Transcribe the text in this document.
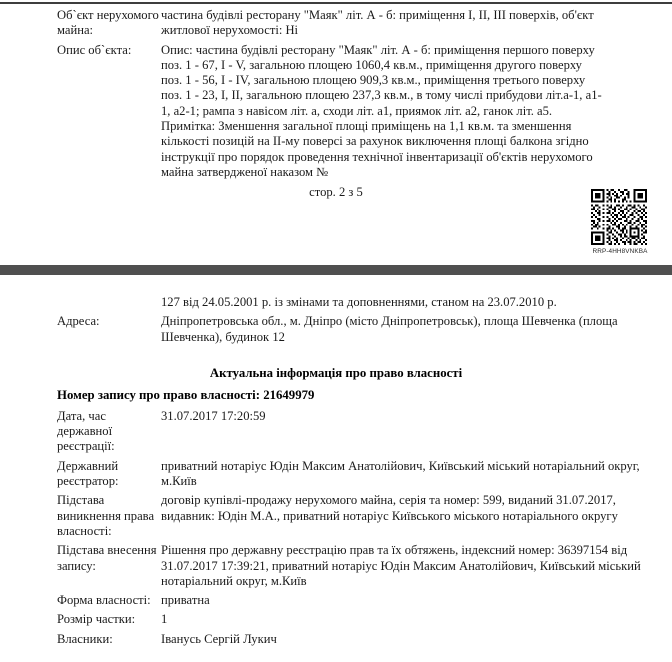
Об`єкт нерухомого майна:
частина будівлі ресторану "Маяк" літ. А - б: приміщення I, II, III поверхів, об'єкт житлової нерухомості: Ні
Опис об`єкта:	Опис: частина будівлі ресторану "Маяк" літ. А - б: приміщення першого поверху поз. 1 - 67, I - V, загальною площею 1060,4 кв.м., приміщення другого поверху поз. 1 - 56, I - IV, загальною площею 909,3 кв.м., приміщення третього поверху поз. 1 - 23, I, II, загальною площею 237,3 кв.м., в тому числі прибудови літ.а-1, а1-1, а2-1; рампа з навісом літ. а, сходи літ. а1, приямок літ. а2, ганок літ. а5. Примітка: Зменшення загальної площі приміщень на 1,1 кв.м. та зменшення кількості позицій на II-му поверсі за рахунок виключення площі балкона згідно інструкції про порядок проведення технічної інвентаризації об'єктів нерухомого майна затвердженої наказом №
стор. 2 з 5
RRP-4HH8VNKBA
127 від 24.05.2001 р. із змінами та доповненнями, станом на 23.07.2010 р.
Адреса:	Дніпропетровська обл., м. Дніпро (місто Дніпропетровськ), площа Шевченка (площа Шевченка), будинок 12
Актуальна інформація про право власності
Номер запису про право власності: 21649979
Дата, час державної реєстрації:
31.07.2017 17:20:59
Державний реєстратор:
приватний нотаріус Юдін Максим Анатолійович, Київський міський нотаріальний округ, м.Київ
Підстава виникнення права власності:
договір купівлі-продажу нерухомого майна, серія та номер: 599, виданий 31.07.2017, видавник: Юдін М.А., приватний нотаріус Київського міського нотаріального округу
Підстава внесення запису:
Рішення про державну реєстрацію прав та їх обтяжень, індексний номер: 36397154 від 31.07.2017 17:39:21, приватний нотаріус Юдін Максим Анатолійович, Київський міський нотаріальний округ, м.Київ
Форма власності: приватна
Розмір частки:	1
Власники:	Іванусь Сергій Лукич
